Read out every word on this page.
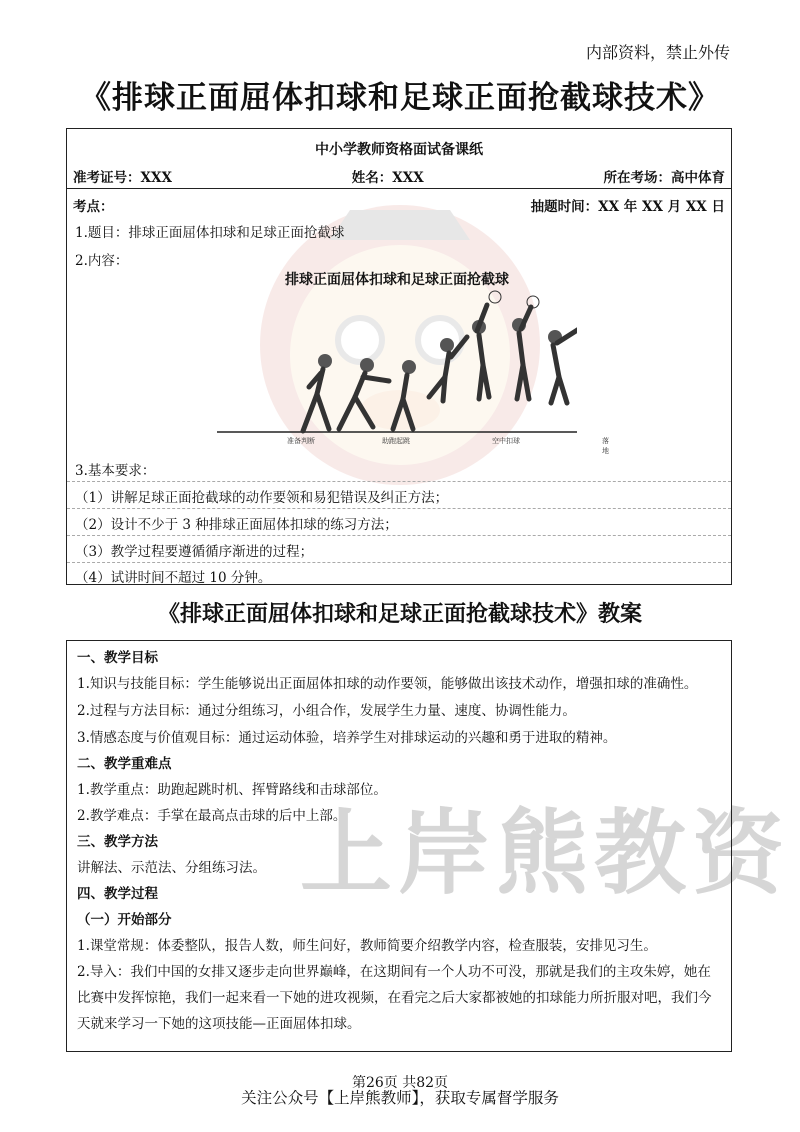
上岸熊教资
内部资料，禁止外传
《排球正面屈体扣球和足球正面抢截球技术》
中小学教师资格面试备课纸
准考证号：XXX	姓名：XXX	所在考场：高中体育
考点：	抽题时间：XX 年 XX 月 XX 日
1.题目：排球正面屈体扣球和足球正面抢截球
2.内容：
排球正面屈体扣球和足球正面抢截球
准备判断	助跑起跳	空中扣球	落地
3.基本要求：
（1）讲解足球正面抢截球的动作要领和易犯错误及纠正方法；
（2）设计不少于 3 种排球正面屈体扣球的练习方法；
（3）教学过程要遵循循序渐进的过程；
（4）试讲时间不超过 10 分钟。
《排球正面屈体扣球和足球正面抢截球技术》教案
一、教学目标
1.知识与技能目标：学生能够说出正面屈体扣球的动作要领，能够做出该技术动作，增强扣球的准确性。
2.过程与方法目标：通过分组练习，小组合作，发展学生力量、速度、协调性能力。
3.情感态度与价值观目标：通过运动体验，培养学生对排球运动的兴趣和勇于进取的精神。
二、教学重难点
1.教学重点：助跑起跳时机、挥臂路线和击球部位。
2.教学难点：手掌在最高点击球的后中上部。
三、教学方法
讲解法、示范法、分组练习法。
四、教学过程
（一）开始部分
1.课堂常规：体委整队，报告人数，师生问好，教师简要介绍教学内容，检查服装，安排见习生。
2.导入：我们中国的女排又逐步走向世界巅峰，在这期间有一个人功不可没，那就是我们的主攻朱婷，她在比赛中发挥惊艳，我们一起来看一下她的进攻视频，在看完之后大家都被她的扣球能力所折服对吧，我们今天就来学习一下她的这项技能—正面屈体扣球。
第26页 共82页
关注公众号【上岸熊教师】，获取专属督学服务
